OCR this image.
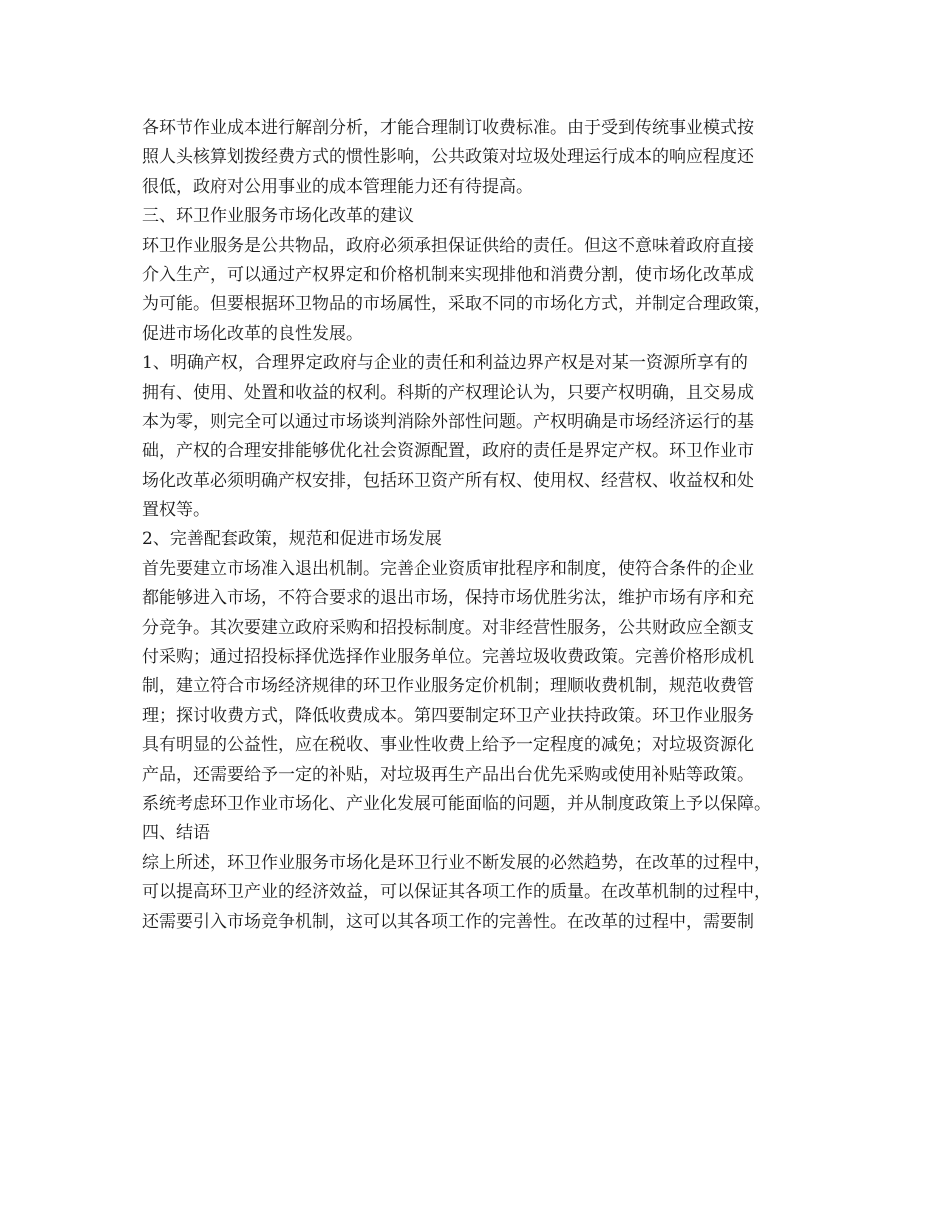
各环节作业成本进行解剖分析，才能合理制订收费标准。由于受到传统事业模式按
照人头核算划拨经费方式的惯性影响，公共政策对垃圾处理运行成本的响应程度还
很低，政府对公用事业的成本管理能力还有待提高。
三、环卫作业服务市场化改革的建议
环卫作业服务是公共物品，政府必须承担保证供给的责任。但这不意味着政府直接
介入生产，可以通过产权界定和价格机制来实现排他和消费分割，使市场化改革成
为可能。但要根据环卫物品的市场属性，采取不同的市场化方式，并制定合理政策，
促进市场化改革的良性发展。
1、明确产权，合理界定政府与企业的责任和利益边界产权是对某一资源所享有的
拥有、使用、处置和收益的权利。科斯的产权理论认为，只要产权明确，且交易成
本为零，则完全可以通过市场谈判消除外部性问题。产权明确是市场经济运行的基
础，产权的合理安排能够优化社会资源配置，政府的责任是界定产权。环卫作业市
场化改革必须明确产权安排，包括环卫资产所有权、使用权、经营权、收益权和处
置权等。
2、完善配套政策，规范和促进市场发展
首先要建立市场准入退出机制。完善企业资质审批程序和制度，使符合条件的企业
都能够进入市场，不符合要求的退出市场，保持市场优胜劣汰，维护市场有序和充
分竞争。其次要建立政府采购和招投标制度。对非经营性服务，公共财政应全额支
付采购；通过招投标择优选择作业服务单位。完善垃圾收费政策。完善价格形成机
制，建立符合市场经济规律的环卫作业服务定价机制；理顺收费机制，规范收费管
理；探讨收费方式，降低收费成本。第四要制定环卫产业扶持政策。环卫作业服务
具有明显的公益性，应在税收、事业性收费上给予一定程度的减免；对垃圾资源化
产品，还需要给予一定的补贴，对垃圾再生产品出台优先采购或使用补贴等政策。
系统考虑环卫作业市场化、产业化发展可能面临的问题，并从制度政策上予以保障。
四、结语
综上所述，环卫作业服务市场化是环卫行业不断发展的必然趋势，在改革的过程中，
可以提高环卫产业的经济效益，可以保证其各项工作的质量。在改革机制的过程中，
还需要引入市场竞争机制，这可以其各项工作的完善性。在改革的过程中，需要制
